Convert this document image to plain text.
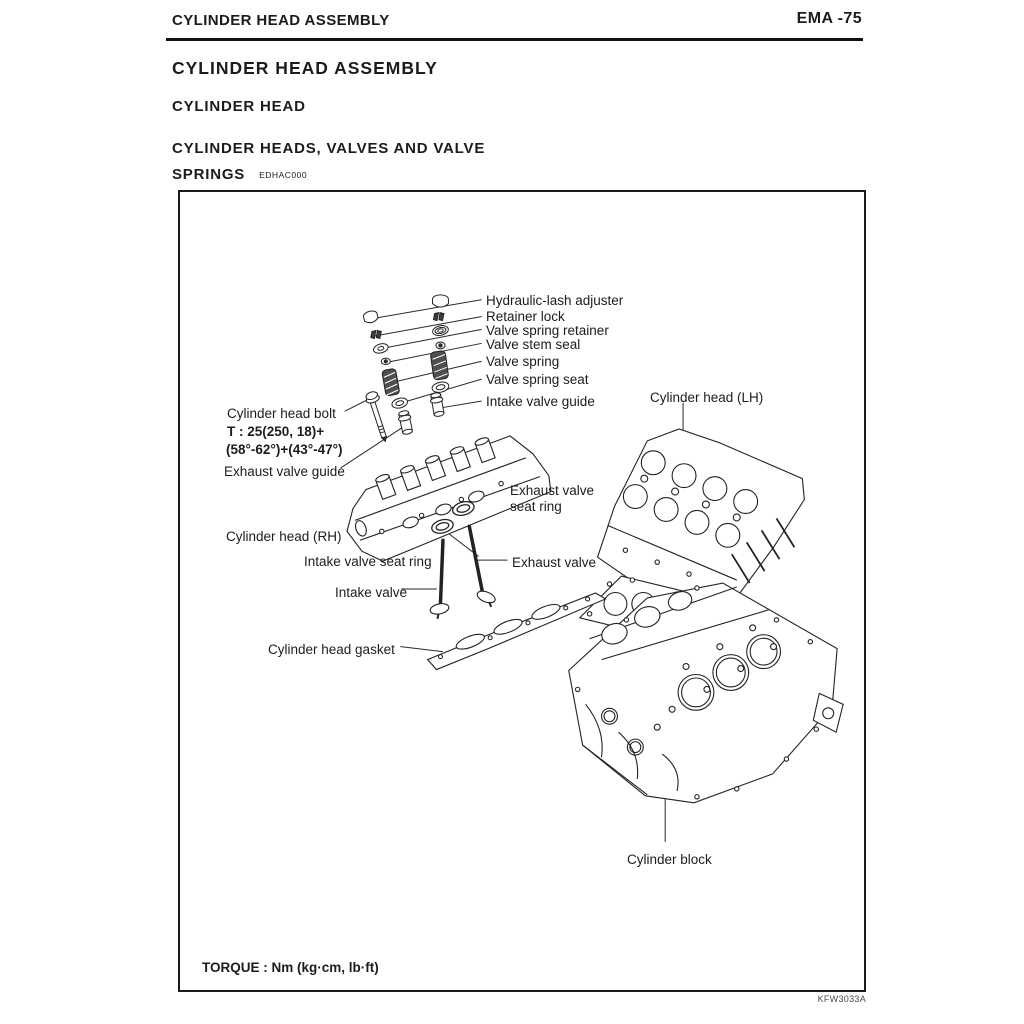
CYLINDER HEAD ASSEMBLY	EMA -75
CYLINDER HEAD ASSEMBLY
CYLINDER HEAD
CYLINDER HEADS, VALVES AND VALVE
SPRINGS EDHAC000
Hydraulic-lash adjuster
Retainer lock
Valve spring retainer
Valve stem seal
Valve spring
Valve spring seat
Intake valve guide	Cylinder head (LH)
Cylinder head bolt
T : 25(250, 18)+
(58°-62°)+(43°-47°)
Exhaust valve guide
Exhaust valve seat ring
Cylinder head (RH)
Intake valve seat ring	Exhaust valve
Intake valve
Cylinder head gasket
Cylinder block
TORQUE : Nm (kg·cm, lb·ft)
KFW3033A
